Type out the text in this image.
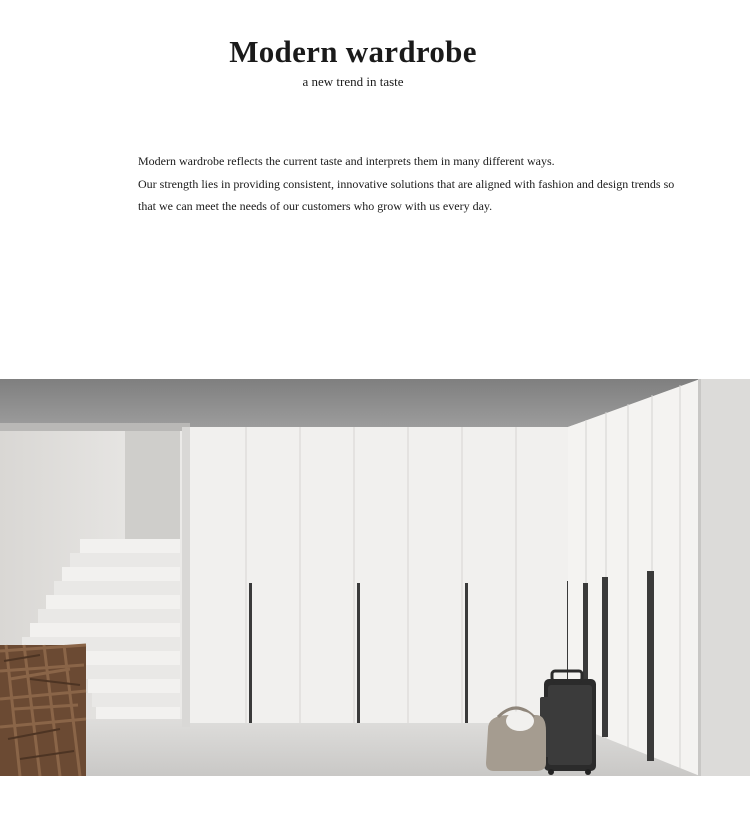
Modern wardrobe

a new trend in taste

Modern wardrobe reflects the current taste and interprets them in many different ways.

Our strength lies in providing consistent, innovative solutions that are aligned with fashion and design trends so

that we can meet the needs of our customers who grow with us every day.
